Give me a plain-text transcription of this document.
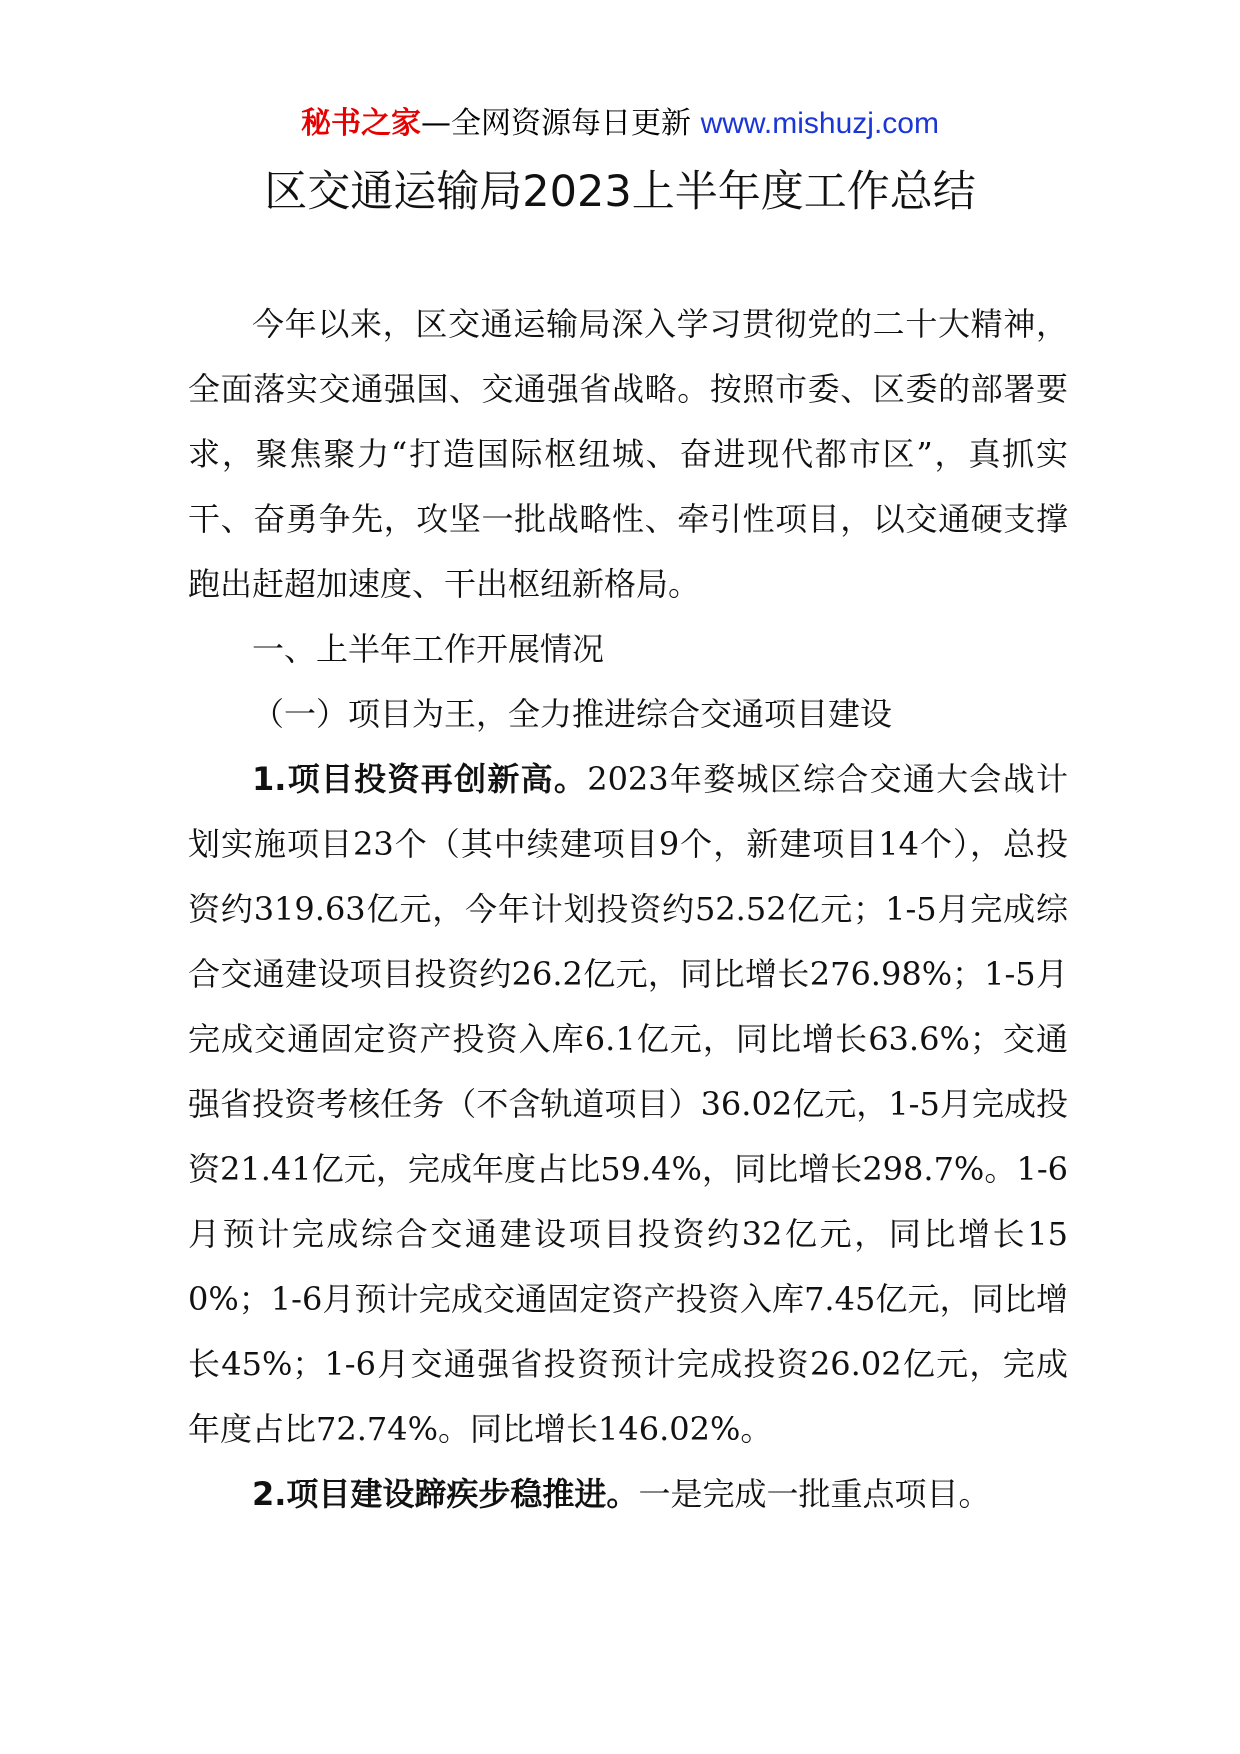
秘书之家—全网资源每日更新 www.mishuzj.com
区交通运输局2023上半年度工作总结

今年以来，区交通运输局深入学习贯彻党的二十大精神，全面落实交通强国、交通强省战略。按照市委、区委的部署要求，聚焦聚力“打造国际枢纽城、奋进现代都市区”，真抓实干、奋勇争先，攻坚一批战略性、牵引性项目，以交通硬支撑跑出赶超加速度、干出枢纽新格局。

一、上半年工作开展情况

（一）项目为王，全力推进综合交通项目建设

1.项目投资再创新高。2023年婺城区综合交通大会战计划实施项目23个（其中续建项目9个，新建项目14个），总投资约319.63亿元，今年计划投资约52.52亿元；1-5月完成综合交通建设项目投资约26.2亿元，同比增长276.98%；1-5月完成交通固定资产投资入库6.1亿元，同比增长63.6%；交通强省投资考核任务（不含轨道项目）36.02亿元，1-5月完成投资21.41亿元，完成年度占比59.4%，同比增长298.7%。1-6月预计完成综合交通建设项目投资约32亿元，同比增长150%；1-6月预计完成交通固定资产投资入库7.45亿元，同比增长45%；1-6月交通强省投资预计完成投资26.02亿元，完成年度占比72.74%。同比增长146.02%。

2.项目建设蹄疾步稳推进。一是完成一批重点项目。
